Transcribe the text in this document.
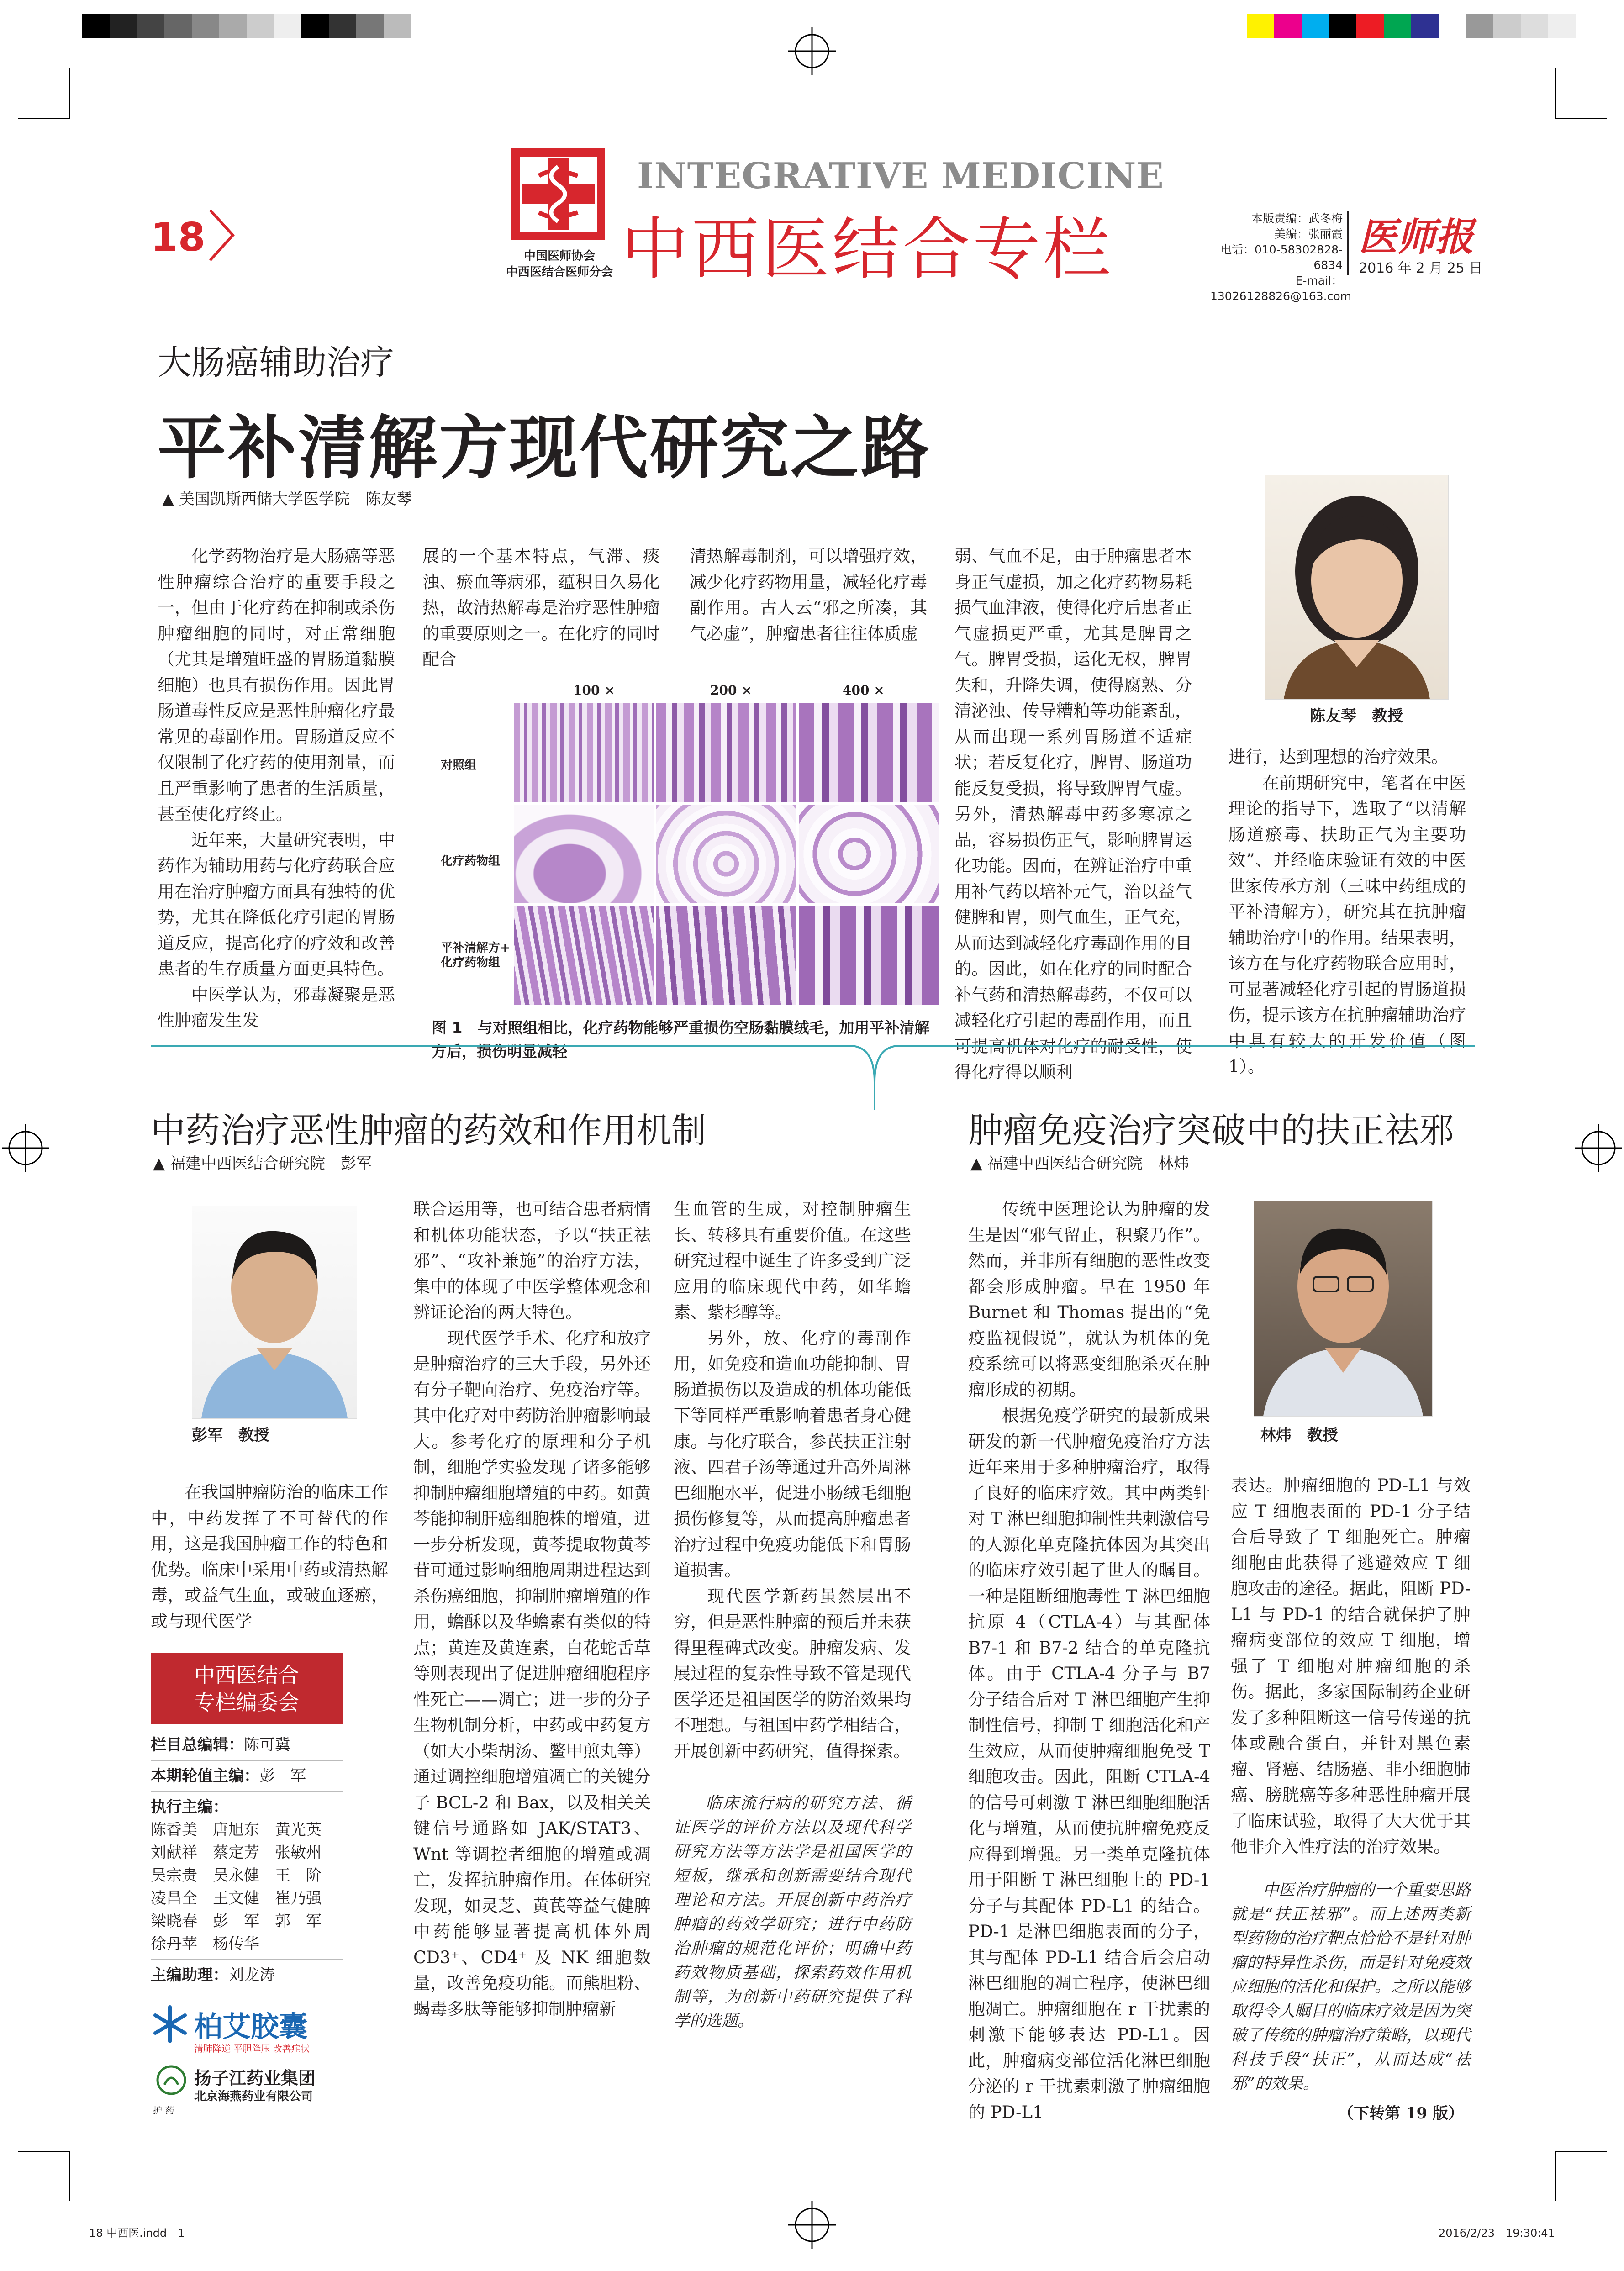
18	中国医师协会
中西医结合医师分会
INTEGRATIVE MEDICINE
中西医结合专栏	本版责编：武冬梅
美编：张丽霞
电话：010-58302828-6834
E-mail：13026128826@163.com
医师报
2016 年 2 月 25 日
大肠癌辅助治疗
平补清解方现代研究之路
▲ 美国凯斯西储大学医学院　陈友琴

化学药物治疗是大肠癌等恶性肿瘤综合治疗的重要手段之一，但由于化疗药在抑制或杀伤肿瘤细胞的同时，对正常细胞（尤其是增殖旺盛的胃肠道黏膜细胞）也具有损伤作用。因此胃肠道毒性反应是恶性肿瘤化疗最常见的毒副作用。胃肠道反应不仅限制了化疗药的使用剂量，而且严重影响了患者的生活质量，甚至使化疗终止。

近年来，大量研究表明，中药作为辅助用药与化疗药联合应用在治疗肿瘤方面具有独特的优势，尤其在降低化疗引起的胃肠道反应，提高化疗的疗效和改善患者的生存质量方面更具特色。

中医学认为，邪毒凝聚是恶性肿瘤发生发

展的一个基本特点，气滞、痰浊、瘀血等病邪，蕴积日久易化热，故清热解毒是治疗恶性肿瘤的重要原则之一。在化疗的同时配合

清热解毒制剂，可以增强疗效，减少化疗药物用量，减轻化疗毒副作用。古人云“邪之所凑，其气必虚”，肿瘤患者往往体质虚

弱、气血不足，由于肿瘤患者本身正气虚损，加之化疗药物易耗损气血津液，使得化疗后患者正气虚损更严重，尤其是脾胃之气。脾胃受损，运化无权，脾胃失和，升降失调，使得腐熟、分清泌浊、传导糟粕等功能紊乱，从而出现一系列胃肠道不适症状；若反复化疗，脾胃、肠道功能反复受损，将导致脾胃气虚。另外，清热解毒中药多寒凉之品，容易损伤正气，影响脾胃运化功能。因而，在辨证治疗中重用补气药以培补元气，治以益气健脾和胃，则气血生，正气充，从而达到减轻化疗毒副作用的目的。因此，如在化疗的同时配合补气药和清热解毒药，不仅可以减轻化疗引起的毒副作用，而且可提高机体对化疗的耐受性，使得化疗得以顺利

陈友琴　教授

进行，达到理想的治疗效果。

在前期研究中，笔者在中医理论的指导下，选取了“以清解肠道瘀毒、扶助正气为主要功效”、并经临床验证有效的中医世家传承方剂（三味中药组成的平补清解方），研究其在抗肿瘤辅助治疗中的作用。结果表明，该方在与化疗药物联合应用时，可显著减轻化疗引起的胃肠道损伤，提示该方在抗肿瘤辅助治疗中具有较大的开发价值（图 1）。

100 ×	200 ×	400 ×
对照组
化疗药物组
平补清解方+ 化疗药物组
图 1　与对照组相比，化疗药物能够严重损伤空肠黏膜绒毛，加用平补清解方后，损伤明显减轻
中药治疗恶性肿瘤的药效和作用机制
▲ 福建中西医结合研究院　彭军
彭军　教授

在我国肿瘤防治的临床工作中，中药发挥了不可替代的作用，这是我国肿瘤工作的特色和优势。临床中采用中药或清热解毒，或益气生血，或破血逐瘀，或与现代医学

联合运用等，也可结合患者病情和机体功能状态，予以“扶正祛邪”、“攻补兼施”的治疗方法，集中的体现了中医学整体观念和辨证论治的两大特色。

现代医学手术、化疗和放疗是肿瘤治疗的三大手段，另外还有分子靶向治疗、免疫治疗等。其中化疗对中药防治肿瘤影响最大。参考化疗的原理和分子机制，细胞学实验发现了诸多能够抑制肿瘤细胞增殖的中药。如黄芩能抑制肝癌细胞株的增殖，进一步分析发现，黄芩提取物黄芩苷可通过影响细胞周期进程达到杀伤癌细胞，抑制肿瘤增殖的作用，蟾酥以及华蟾素有类似的特点；黄连及黄连素，白花蛇舌草等则表现出了促进肿瘤细胞程序性死亡——凋亡；进一步的分子生物机制分析，中药或中药复方（如大小柴胡汤、鳖甲煎丸等）通过调控细胞增殖凋亡的关键分子 BCL-2 和 Bax，以及相关关键信号通路如 JAK/STAT3、Wnt 等调控者细胞的增殖或凋亡，发挥抗肿瘤作用。在体研究发现，如灵芝、黄芪等益气健脾中药能够显著提高机体外周 CD3⁺、CD4⁺ 及 NK 细胞数量，改善免疫功能。而熊胆粉、蝎毒多肽等能够抑制肿瘤新

生血管的生成，对控制肿瘤生长、转移具有重要价值。在这些研究过程中诞生了许多受到广泛应用的临床现代中药，如华蟾素、紫杉醇等。

另外，放、化疗的毒副作用，如免疫和造血功能抑制、胃肠道损伤以及造成的机体功能低下等同样严重影响着患者身心健康。与化疗联合，参芪扶正注射液、四君子汤等通过升高外周淋巴细胞水平，促进小肠绒毛细胞损伤修复等，从而提高肿瘤患者治疗过程中免疫功能低下和胃肠道损害。

现代医学新药虽然层出不穷，但是恶性肿瘤的预后并未获得里程碑式改变。肿瘤发病、发展过程的复杂性导致不管是现代医学还是祖国医学的防治效果均不理想。与祖国中药学相结合，开展创新中药研究，值得探索。

临床流行病的研究方法、循证医学的评价方法以及现代科学研究方法等方法学是祖国医学的短板，继承和创新需要结合现代理论和方法。开展创新中药治疗肿瘤的药效学研究；进行中药防治肿瘤的规范化评价；明确中药药效物质基础，探索药效作用机制等，为创新中药研究提供了科学的选题。

中西医结合
专栏编委会
栏目总编辑：陈可冀
本期轮值主编：彭　军
执行主编：
陈香美　唐旭东　黄光英
刘献祥　蔡定芳　张敏州
吴宗贵　吴永健　王　阶
凌昌全　王文健　崔乃强
梁晓春　彭　军　郭　军
徐丹苹　杨传华
主编助理：刘龙涛
柏艾胶囊
清肺降逆 平胆降压 改善症状
扬子江药业集团
北京海燕药业有限公司
护 药
肿瘤免疫治疗突破中的扶正祛邪
▲ 福建中西医结合研究院　林炜

传统中医理论认为肿瘤的发生是因“邪气留止，积聚乃作”。然而，并非所有细胞的恶性改变都会形成肿瘤。早在 1950 年 Burnet 和 Thomas 提出的“免疫监视假说”，就认为机体的免疫系统可以将恶变细胞杀灭在肿瘤形成的初期。

根据免疫学研究的最新成果研发的新一代肿瘤免疫治疗方法近年来用于多种肿瘤治疗，取得了良好的临床疗效。其中两类针对 T 淋巴细胞抑制性共刺激信号的人源化单克隆抗体因为其突出的临床疗效引起了世人的瞩目。一种是阻断细胞毒性 T 淋巴细胞抗原 4（CTLA-4）与其配体 B7-1 和 B7-2 结合的单克隆抗体。由于 CTLA-4 分子与 B7 分子结合后对 T 淋巴细胞产生抑制性信号，抑制 T 细胞活化和产生效应，从而使肿瘤细胞免受 T 细胞攻击。因此，阻断 CTLA-4 的信号可刺激 T 淋巴细胞细胞活化与增殖，从而使抗肿瘤免疫反应得到增强。另一类单克隆抗体用于阻断 T 淋巴细胞上的 PD-1 分子与其配体 PD-L1 的结合。PD-1 是淋巴细胞表面的分子，其与配体 PD-L1 结合后会启动淋巴细胞的凋亡程序，使淋巴细胞凋亡。肿瘤细胞在 r 干扰素的刺激下能够表达 PD-L1。因此，肿瘤病变部位活化淋巴细胞分泌的 r 干扰素刺激了肿瘤细胞的 PD-L1

林炜　教授

表达。肿瘤细胞的 PD-L1 与效应 T 细胞表面的 PD-1 分子结合后导致了 T 细胞死亡。肿瘤细胞由此获得了逃避效应 T 细胞攻击的途径。据此，阻断 PD-L1 与 PD-1 的结合就保护了肿瘤病变部位的效应 T 细胞，增强了 T 细胞对肿瘤细胞的杀伤。据此，多家国际制药企业研发了多种阻断这一信号传递的抗体或融合蛋白，并针对黑色素瘤、肾癌、结肠癌、非小细胞肺癌、膀胱癌等多种恶性肿瘤开展了临床试验，取得了大大优于其他非介入性疗法的治疗效果。

中医治疗肿瘤的一个重要思路就是“扶正祛邪”。而上述两类新型药物的治疗靶点恰恰不是针对肿瘤的特异性杀伤，而是针对免疫效应细胞的活化和保护。之所以能够取得令人瞩目的临床疗效是因为突破了传统的肿瘤治疗策略，以现代科技手段“扶正”，从而达成“祛邪”的效果。

（下转第 19 版）
18 中西医.indd　1	2016/2/23　19:30:41
